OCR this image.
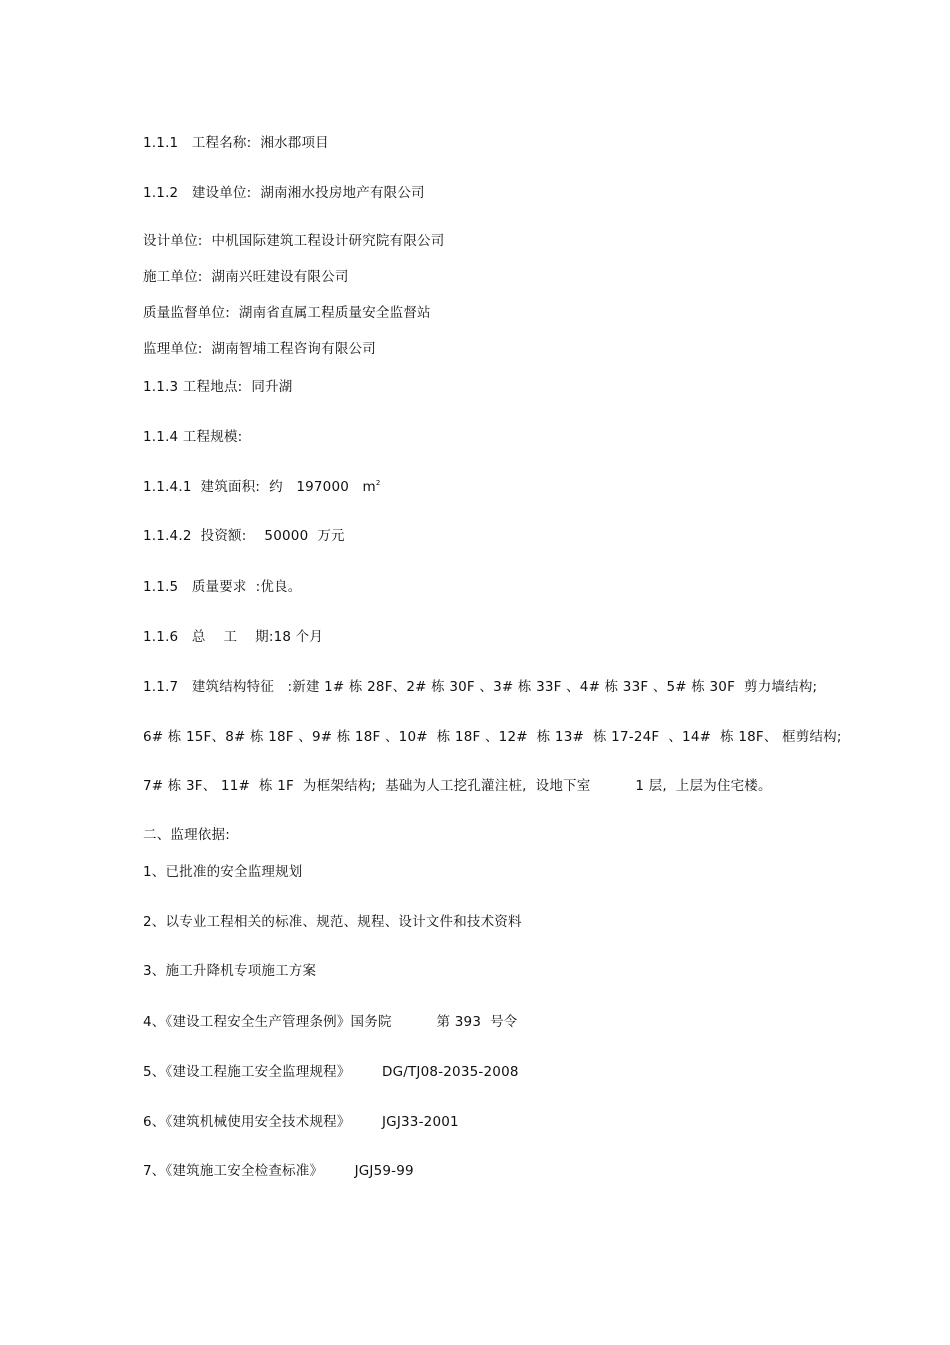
1.1.1   工程名称:  湘水郡项目
1.1.2   建设单位:  湖南湘水投房地产有限公司
设计单位:  中机国际建筑工程设计研究院有限公司
施工单位:  湖南兴旺建设有限公司
质量监督单位:  湖南省直属工程质量安全监督站
监理单位:  湖南智埔工程咨询有限公司
1.1.3 工程地点:  同升湖
1.1.4 工程规模:
1.1.4.1  建筑面积:  约   197000   $m^2$
1.1.4.2  投资额:    50000  万元
1.1.5   质量要求  :优良。
1.1.6   总    工    期:18 个月
1.1.7   建筑结构特征   :新建 1# 栋 28F、2# 栋 30F 、3# 栋 33F 、4# 栋 33F 、5# 栋 30F  剪力墙结构;
6# 栋 15F、8# 栋 18F 、9# 栋 18F 、10#  栋 18F 、12#  栋 13#  栋 17-24F  、14#  栋 18F、 框剪结构;
7# 栋 3F、 11#  栋 1F  为框架结构;  基础为人工挖孔灌注桩,  设地下室          1 层,  上层为住宅楼。
二、监理依据:
1、已批准的安全监理规划
2、以专业工程相关的标准、规范、规程、设计文件和技术资料
3、施工升降机专项施工方案
4、《建设工程安全生产管理条例》国务院          第 393  号令
5、《建设工程施工安全监理规程》       DG/TJ08-2035-2008
6、《建筑机械使用安全技术规程》       JGJ33-2001
7、《建筑施工安全检查标准》       JGJ59-99
